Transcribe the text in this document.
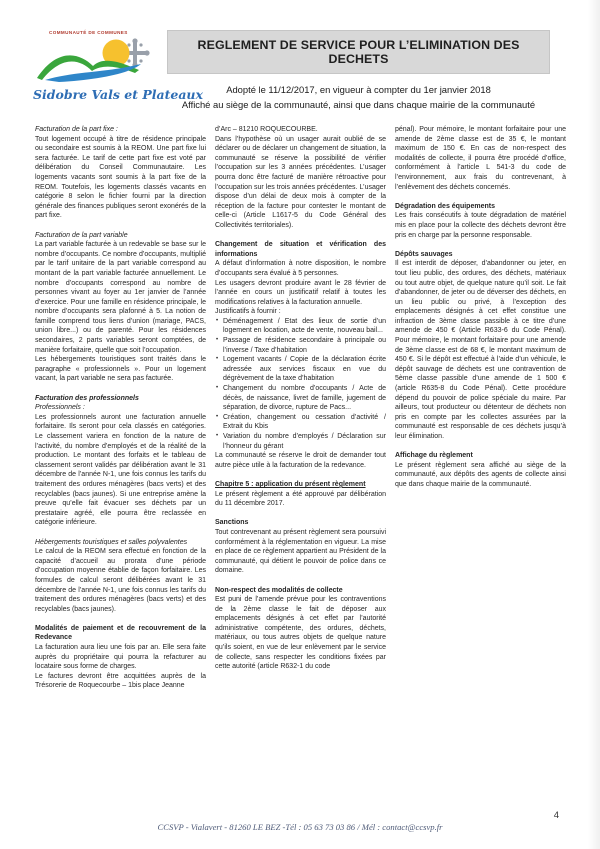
COMMUNAUTÉ DE COMMUNES
Sidobre Vals et Plateaux
REGLEMENT DE SERVICE POUR L’ELIMINATION DES DECHETS
Adopté le 11/12/2017, en vigueur à compter du 1er janvier 2018
Affiché au siège de la communauté, ainsi que dans chaque mairie de la communauté
Facturation de la part fixe :
Tout logement occupé à titre de résidence principale ou secondaire est soumis à la REOM. Une part fixe lui sera facturée. Le tarif de cette part fixe est voté par délibération du Conseil Communautaire. Les logements vacants sont soumis à la part fixe de la REOM. Toutefois, les logements classés vacants en catégorie 8 selon le fichier fourni par la direction générale des finances publiques seront exonérés de la part fixe.
Facturation de la part variable
La part variable facturée à un redevable se base sur le nombre d’occupants. Ce nombre d’occupants, multiplié par le tarif unitaire de la part variable correspond au montant de la part variable facturée annuellement. Le nombre d’occupants correspond au nombre de personnes vivant au foyer au 1er janvier de l’année d’exercice. Pour une famille en résidence principale, le nombre d’occupants sera plafonné à 5. La notion de famille comprend tous liens d’union (mariage, PACS, union libre...) ou de parenté. Pour les résidences secondaires, 2 parts variables seront comptées, de manière forfaitaire, quelle que soit l’occupation.
Les hébergements touristiques sont traités dans le paragraphe « professionnels ». Pour un logement vacant, la part variable ne sera pas facturée.
Facturation des professionnels
Professionnels :
Les professionnels auront une facturation annuelle forfaitaire. Ils seront pour cela classés en catégories. Le classement variera en fonction de la nature de l’activité, du nombre d’employés et de la réalité de la production. Le montant des forfaits et le tableau de classement seront validés par délibération avant le 31 décembre de l’année N-1, une fois connus les tarifs du traitement des ordures ménagères (bacs verts) et des recyclables (bacs jaunes). Si une entreprise amène la preuve qu’elle fait évacuer ses déchets par un prestataire agréé, elle pourra être reclassée en catégorie inférieure.
Hébergements touristiques et salles polyvalentes
Le calcul de la REOM sera effectué en fonction de la capacité d’accueil au prorata d’une période d’occupation moyenne établie de façon forfaitaire. Les formules de calcul seront délibérées avant le 31 décembre de l’année N-1, une fois connus les tarifs du traitement des ordures ménagères (bacs verts) et des recyclables (bacs jaunes).
Modalités de paiement et de recouvrement de la Redevance
La facturation aura lieu une fois par an. Elle sera faite auprès du propriétaire qui pourra la refacturer au locataire sous forme de charges.
Le factures devront être acquittées auprès de la Trésorerie de Roquecourbe – 1bis place Jeanne
d’Arc – 81210 ROQUECOURBE.
Dans l’hypothèse où un usager aurait oublié de se déclarer ou de déclarer un changement de situation, la communauté se réserve la possibilité de vérifier l’occupation sur les 3 années précédentes. L’usager pourra donc être facturé de manière rétroactive pour l’occupation sur les trois années précédentes. L’usager dispose d’un délai de deux mois à compter de la réception de la facture pour contester le montant de celle-ci (Article L1617-5 du Code Général des Collectivités territoriales).
Changement de situation et vérification des informations
A défaut d’information à notre disposition, le nombre d’occupants sera évalué à 5 personnes.
Les usagers devront produire avant le 28 février de l’année en cours un justificatif relatif à toutes les modifications relatives à la facturation annuelle.
Justificatifs à fournir :
• Déménagement / Etat des lieux de sortie d’un logement en location, acte de vente, nouveau bail...
• Passage de résidence secondaire à principale ou l’inverse / Taxe d’habitation
• Logement vacants / Copie de la déclaration écrite adressée aux services fiscaux en vue du dégrèvement de la taxe d’habitation
• Changement du nombre d’occupants / Acte de décès, de naissance, livret de famille, jugement de séparation, de divorce, rupture de Pacs...
• Création, changement ou cessation d’activité / Extrait du Kbis
• Variation du nombre d’employés / Déclaration sur l’honneur du gérant
La communauté se réserve le droit de demander tout autre pièce utile à la facturation de la redevance.
Chapitre 5 : application du présent règlement
Le présent règlement a été approuvé par délibération du 11 décembre 2017.
Sanctions
Tout contrevenant au présent règlement sera poursuivi conformément à la réglementation en vigueur. La mise en place de ce règlement appartient au Président de la communauté, qui détient le pouvoir de police dans ce domaine.
Non-respect des modalités de collecte
Est puni de l’amende prévue pour les contraventions de la 2ème classe le fait de déposer aux emplacements désignés à cet effet par l’autorité administrative compétente, des ordures, déchets, matériaux, ou tous autres objets de quelque nature qu’ils soient, en vue de leur enlèvement par le service de collecte, sans respecter les conditions fixées par cette autorité (article R632-1 du code
pénal). Pour mémoire, le montant forfaitaire pour une amende de 2ème classe est de 35 €, le montant maximum de 150 €. En cas de non-respect des modalités de collecte, il pourra être procédé d’office, conformément à l’article L 541-3 du code de l’environnement, aux frais du contrevenant, à l’enlèvement des déchets concernés.
Dégradation des équipements
Les frais consécutifs à toute dégradation de matériel mis en place pour la collecte des déchets devront être pris en charge par la personne responsable.
Dépôts sauvages
Il est interdit de déposer, d’abandonner ou jeter, en tout lieu public, des ordures, des déchets, matériaux ou tout autre objet, de quelque nature qu’il soit. Le fait d’abandonner, de jeter ou de déverser des déchets, en un lieu public ou privé, à l’exception des emplacements désignés à cet effet constitue une infraction de 3ème classe passible à ce titre d’une amende de 450 € (Article R633-6 du Code Pénal). Pour mémoire, le montant forfaitaire pour une amende de 3ème classe est de 68 €, le montant maximum de 450 €. Si le dépôt est effectué à l’aide d’un véhicule, le dépôt sauvage de déchets est une contravention de 5ème classe passible d’une amende de 1 500 € (article R635-8 du Code Pénal). Cette procédure dépend du pouvoir de police spéciale du maire. Par ailleurs, tout producteur ou détenteur de déchets non pris en compte par les collectes assurées par la communauté est responsable de ces déchets jusqu’à leur élimination.
Affichage du règlement
Le présent règlement sera affiché au siège de la communauté, aux dépôts des agents de collecte ainsi que dans chaque mairie de la communauté.
CCSVP - Vialavert - 81260 LE BEZ -Tél : 05 63 73 03 86 / Mél : contact@ccsvp.fr
4
